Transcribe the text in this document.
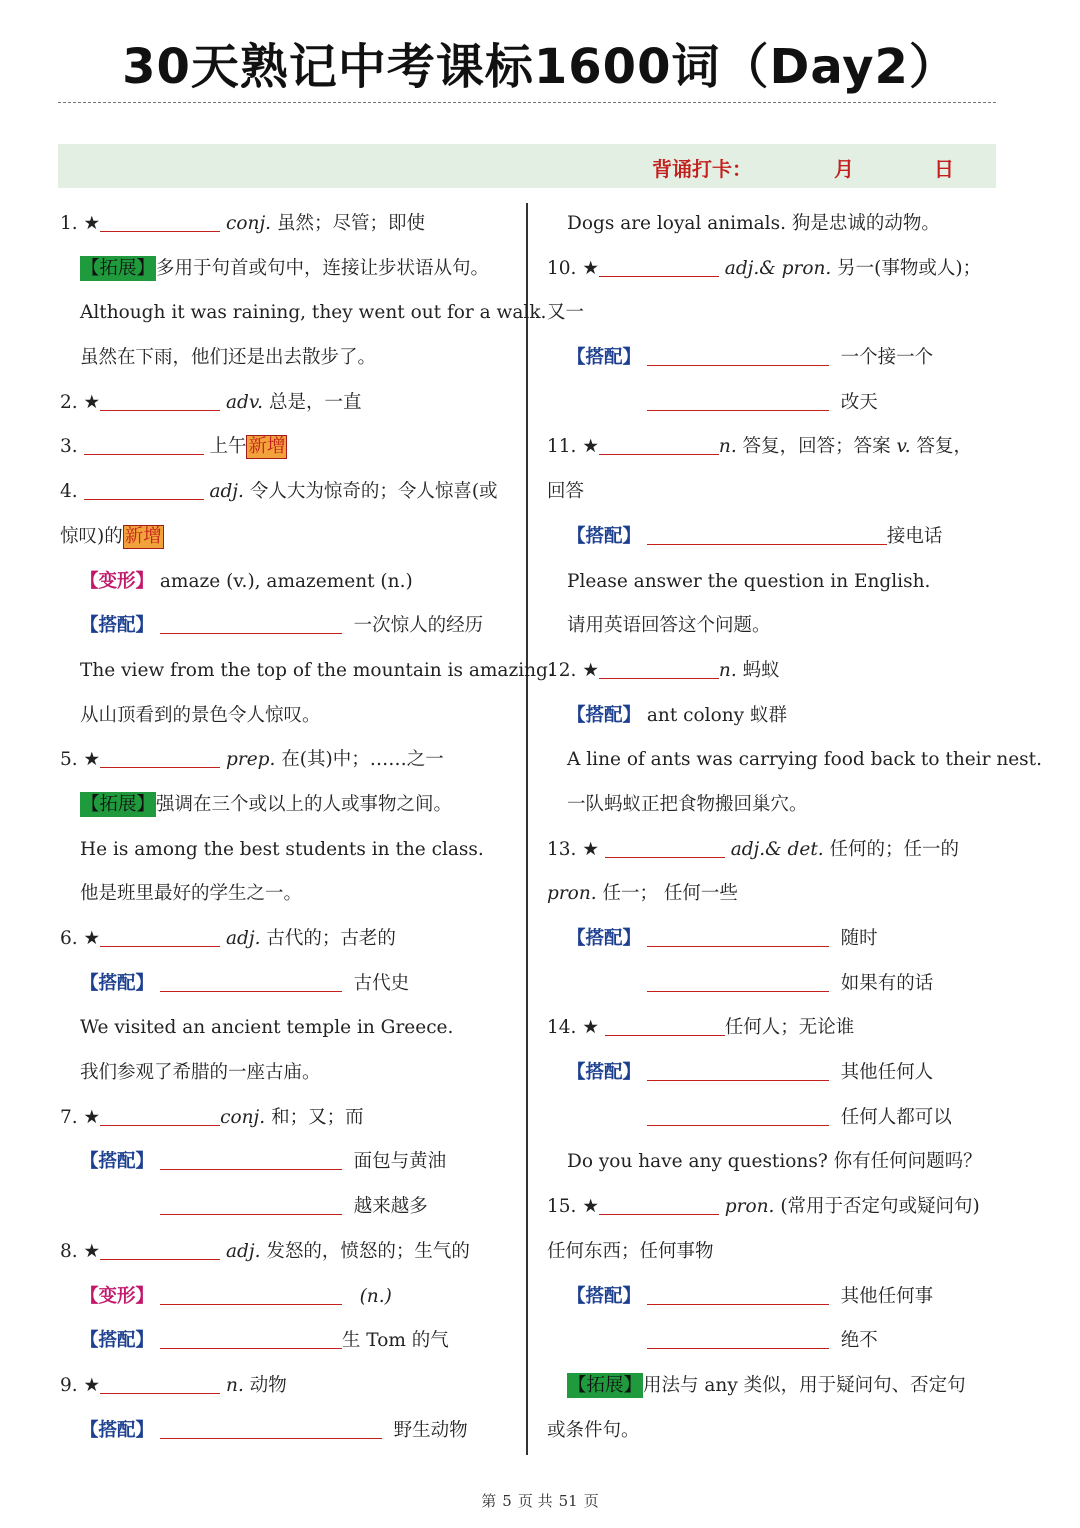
30天熟记中考课标1600词（Day2）
背诵打卡：	月	日
1. ★	conj. 虽然；尽管；即使
【拓展】多用于句首或句中，连接让步状语从句。
Although it was raining, they went out for a walk.
虽然在下雨，他们还是出去散步了。
2. ★	adv. 总是，一直
3.	上午 新增
4.	adj. 令人大为惊奇的；令人惊喜(或
惊叹)的 新增
【变形】 amaze (v.), amazement (n.)
【搭配】	一次惊人的经历
The view from the top of the mountain is amazing.
从山顶看到的景色令人惊叹。
5. ★	prep. 在(其)中；……之一
【拓展】强调在三个或以上的人或事物之间。
He is among the best students in the class.
他是班里最好的学生之一。
6. ★	adj. 古代的；古老的
【搭配】	古代史
We visited an ancient temple in Greece.
我们参观了希腊的一座古庙。
7. ★	conj. 和；又；而
【搭配】	面包与黄油
越来越多
8. ★	adj. 发怒的，愤怒的；生气的
【变形】	(n.)
【搭配】	生 Tom 的气
9. ★	n. 动物
【搭配】	野生动物
Dogs are loyal animals. 狗是忠诚的动物。
10. ★	adj.& pron. 另一(事物或人)；
又一
【搭配】	一个接一个
改天
11. ★	n. 答复，回答；答案 v. 答复，
回答
【搭配】	接电话
Please answer the question in English.
请用英语回答这个问题。
12. ★	n. 蚂蚁
【搭配】 ant colony 蚁群
A line of ants was carrying food back to their nest.
一队蚂蚁正把食物搬回巢穴。
13. ★	adj.& det. 任何的；任一的
pron. 任一； 任何一些
【搭配】	随时
如果有的话
14. ★	任何人；无论谁
【搭配】	其他任何人
任何人都可以
Do you have any questions? 你有任何问题吗？
15. ★	pron. (常用于否定句或疑问句)
任何东西；任何事物
【搭配】	其他任何事
绝不
【拓展】用法与 any 类似，用于疑问句、否定句
或条件句。
第 5 页 共 51 页
